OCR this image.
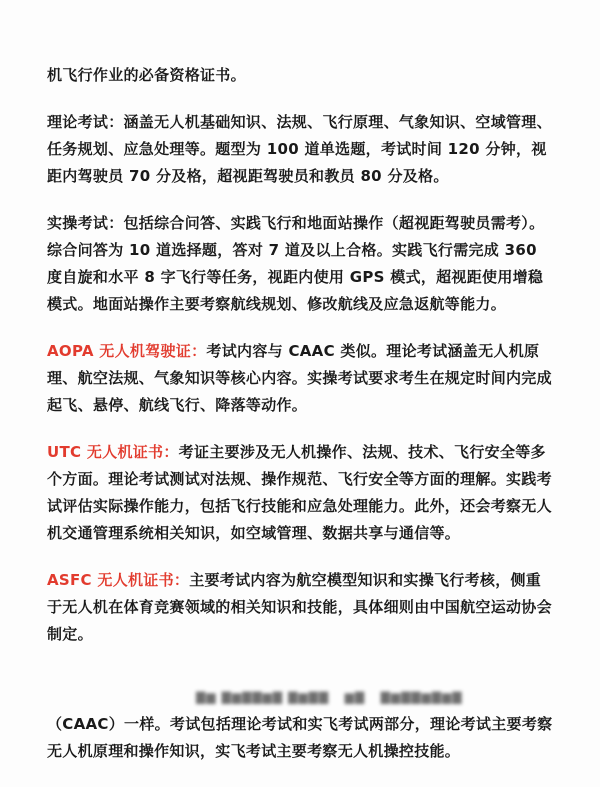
机飞行作业的必备资格证书。

理论考试：涵盖无人机基础知识、法规、飞行原理、气象知识、空域管理、任务规划、应急处理等。题型为 100 道单选题，考试时间 120 分钟，视距内驾驶员 70 分及格，超视距驾驶员和教员 80 分及格。

实操考试：包括综合问答、实践飞行和地面站操作（超视距驾驶员需考）。综合问答为 10 道选择题，答对 7 道及以上合格。实践飞行需完成 360 度自旋和水平 8 字飞行等任务，视距内使用 GPS 模式，超视距使用增稳模式。地面站操作主要考察航线规划、修改航线及应急返航等能力。

AOPA 无人机驾驶证：考试内容与 CAAC 类似。理论考试涵盖无人机原理、航空法规、气象知识等核心内容。实操考试要求考生在规定时间内完成起飞、悬停、航线飞行、降落等动作。

UTC 无人机证书：考证主要涉及无人机操作、法规、技术、飞行安全等多个方面。理论考试测试对法规、操作规范、飞行安全等方面的理解。实践考试评估实际操作能力，包括飞行技能和应急处理能力。此外，还会考察无人机交通管理系统相关知识，如空域管理、数据共享与通信等。

ASFC 无人机证书：主要考试内容为航空模型知识和实操飞行考核，侧重于无人机在体育竞赛领域的相关知识和技能，具体细则由中国航空运动协会制定。

▇▆ ▇▆▇▇▆▇ ▇▆▇▇   ▆▇   ▇▆▇▇▆▇▆▇

（CAAC）一样。考试包括理论考试和实飞考试两部分，理论考试主要考察无人机原理和操作知识，实飞考试主要考察无人机操控技能。
